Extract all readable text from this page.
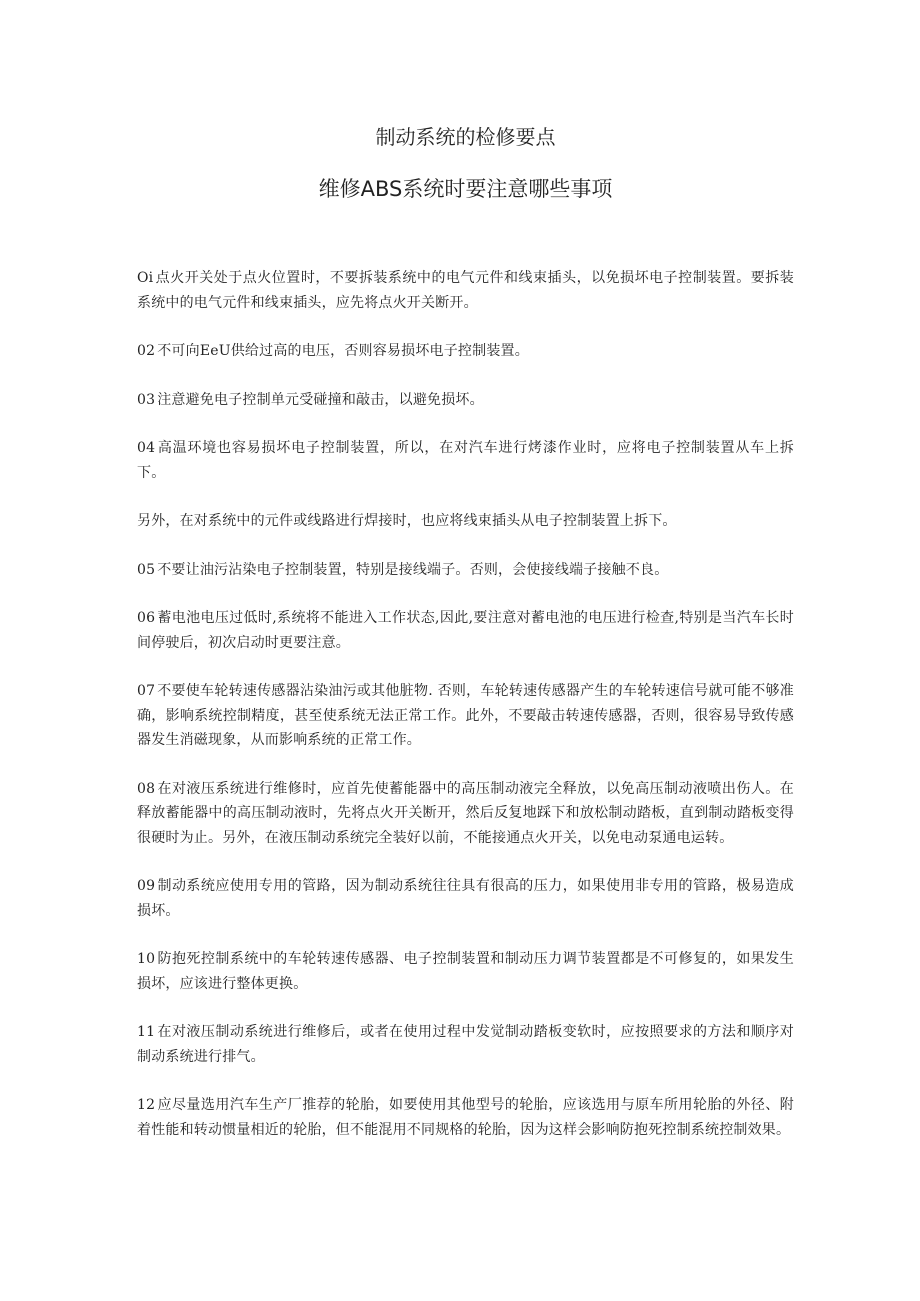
制动系统的检修要点
维修ABS系统时要注意哪些事项

Oi 点火开关处于点火位置时，不要拆装系统中的电气元件和线束插头，以免损坏电子控制装置。要拆装系统中的电气元件和线束插头，应先将点火开关断开。

02 不可向EeU供给过高的电压，否则容易损坏电子控制装置。

03 注意避免电子控制单元受碰撞和敲击，以避免损坏。

04 高温环境也容易损坏电子控制装置，所以，在对汽车进行烤漆作业时，应将电子控制装置从车上拆下。

另外，在对系统中的元件或线路进行焊接时，也应将线束插头从电子控制装置上拆下。

05 不要让油污沾染电子控制装置，特别是接线端子。否则，会使接线端子接触不良。

06 蓄电池电压过低时,系统将不能进入工作状态,因此,要注意对蓄电池的电压进行检查,特别是当汽车长时间停驶后，初次启动时更要注意。

07 不要使车轮转速传感器沾染油污或其他脏物. 否则，车轮转速传感器产生的车轮转速信号就可能不够准确，影响系统控制精度，甚至使系统无法正常工作。此外，不要敲击转速传感器，否则，很容易导致传感器发生消磁现象，从而影响系统的正常工作。

08 在对液压系统进行维修时，应首先使蓄能器中的高压制动液完全释放，以免高压制动液喷出伤人。在释放蓄能器中的高压制动液时，先将点火开关断开，然后反复地踩下和放松制动踏板，直到制动踏板变得很硬时为止。另外，在液压制动系统完全装好以前，不能接通点火开关，以免电动泵通电运转。

09 制动系统应使用专用的管路，因为制动系统往往具有很高的压力，如果使用非专用的管路，极易造成损坏。

10 防抱死控制系统中的车轮转速传感器、电子控制装置和制动压力调节装置都是不可修复的，如果发生损坏，应该进行整体更换。

11 在对液压制动系统进行维修后，或者在使用过程中发觉制动踏板变软时，应按照要求的方法和顺序对制动系统进行排气。

12 应尽量选用汽车生产厂推荐的轮胎，如要使用其他型号的轮胎，应该选用与原车所用轮胎的外径、附着性能和转动惯量相近的轮胎，但不能混用不同规格的轮胎，因为这样会影响防抱死控制系统控制效果。
